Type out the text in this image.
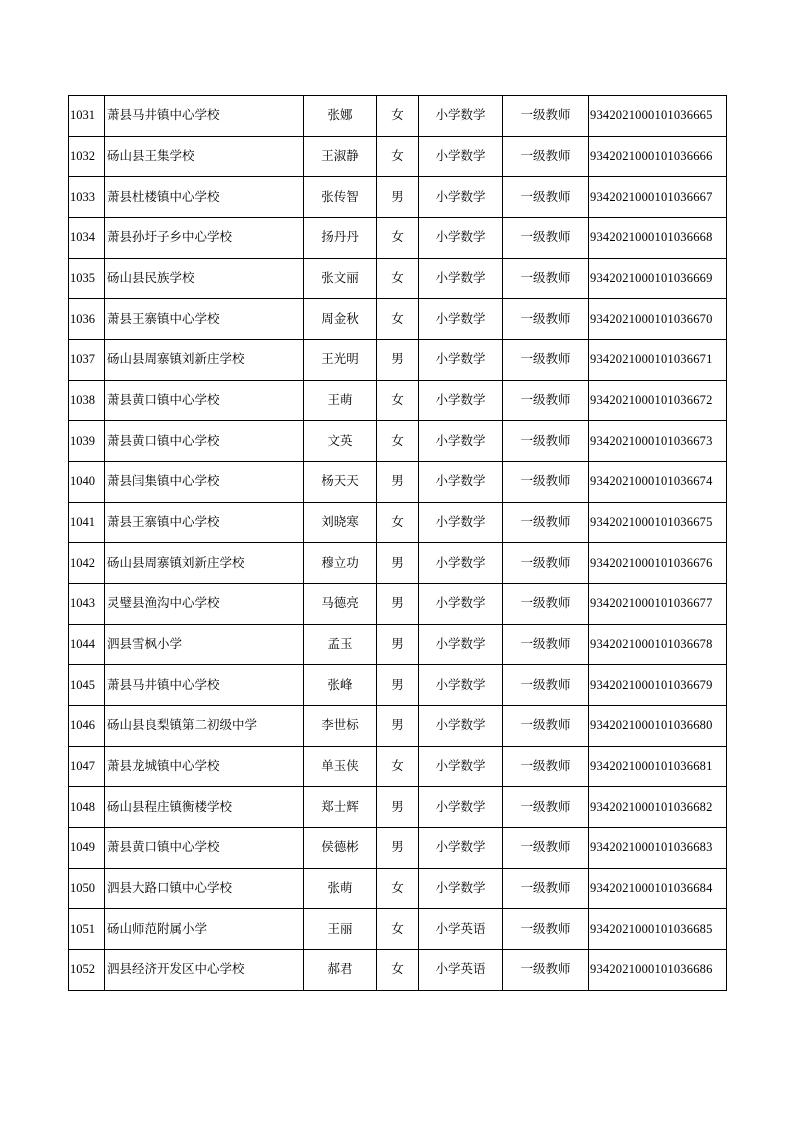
1031	萧县马井镇中心学校	张娜	女	小学数学	一级教师	9342021000101036665
1032	砀山县王集学校	王淑静	女	小学数学	一级教师	9342021000101036666
1033	萧县杜楼镇中心学校	张传智	男	小学数学	一级教师	9342021000101036667
1034	萧县孙圩子乡中心学校	扬丹丹	女	小学数学	一级教师	9342021000101036668
1035	砀山县民族学校	张文丽	女	小学数学	一级教师	9342021000101036669
1036	萧县王寨镇中心学校	周金秋	女	小学数学	一级教师	9342021000101036670
1037	砀山县周寨镇刘新庄学校	王光明	男	小学数学	一级教师	9342021000101036671
1038	萧县黄口镇中心学校	王萌	女	小学数学	一级教师	9342021000101036672
1039	萧县黄口镇中心学校	文英	女	小学数学	一级教师	9342021000101036673
1040	萧县闫集镇中心学校	杨天天	男	小学数学	一级教师	9342021000101036674
1041	萧县王寨镇中心学校	刘晓寒	女	小学数学	一级教师	9342021000101036675
1042	砀山县周寨镇刘新庄学校	穆立功	男	小学数学	一级教师	9342021000101036676
1043	灵璧县渔沟中心学校	马德亮	男	小学数学	一级教师	9342021000101036677
1044	泗县雪枫小学	孟玉	男	小学数学	一级教师	9342021000101036678
1045	萧县马井镇中心学校	张峰	男	小学数学	一级教师	9342021000101036679
1046	砀山县良梨镇第二初级中学	李世标	男	小学数学	一级教师	9342021000101036680
1047	萧县龙城镇中心学校	单玉侠	女	小学数学	一级教师	9342021000101036681
1048	砀山县程庄镇衡楼学校	郑士辉	男	小学数学	一级教师	9342021000101036682
1049	萧县黄口镇中心学校	侯德彬	男	小学数学	一级教师	9342021000101036683
1050	泗县大路口镇中心学校	张萌	女	小学数学	一级教师	9342021000101036684
1051	砀山师范附属小学	王丽	女	小学英语	一级教师	9342021000101036685
1052	泗县经济开发区中心学校	郝君	女	小学英语	一级教师	9342021000101036686
